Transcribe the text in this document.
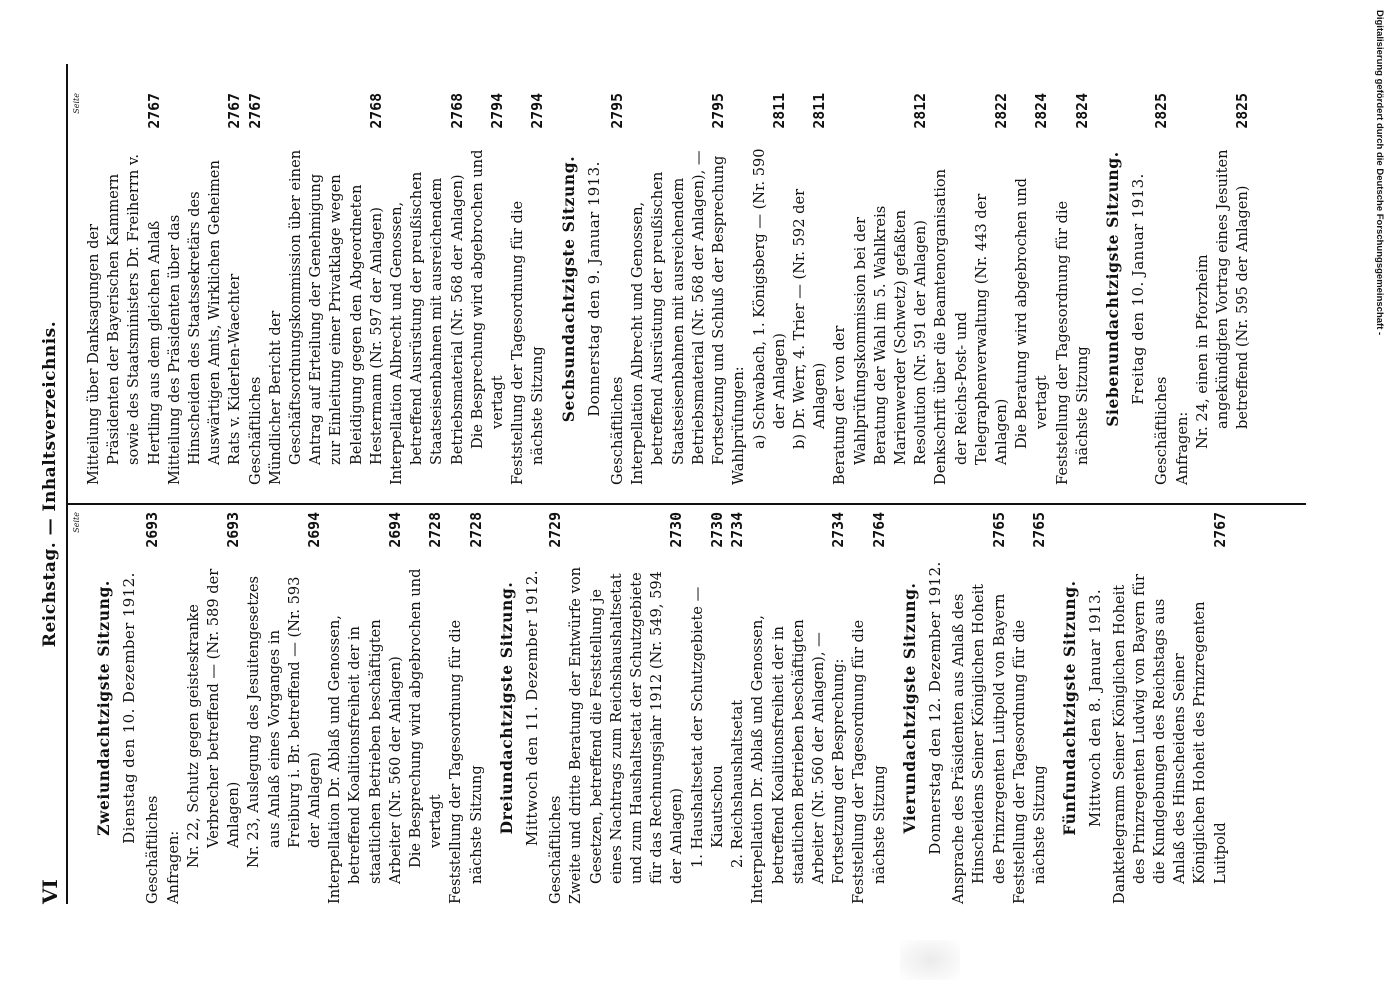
VI
Reichstag. — Inhaltsverzeichnis. Seite
Zweiundachtzigste Sitzung. Dienstag den 10. Dezember 1912.
Geschäftliches
2693
Anfragen: Nr. 22, Schutz gegen geisteskranke Verbrecher betreffend — (Nr. 589 der Anlagen)
2693
Nr. 23, Auslegung des Jesuitengesetzes aus Anlaß eines Vorganges in Freiburg i. Br. betreffend — (Nr. 593 der Anlagen)
2694
Interpellation Dr. Ablaß und Genossen, betreffend Koalitionsfreiheit der in staatlichen Betrieben beschäftigten Arbeiter (Nr. 560 der Anlagen)
2694
Die Besprechung wird abgebrochen und vertagt
2728
Feststellung der Tagesordnung für die nächste Sitzung
2728
Dreiundachtzigste Sitzung. Mittwoch den 11. Dezember 1912.
Geschäftliches
2729
Zweite und dritte Beratung der Entwürfe von Gesetzen, betreffend die Feststellung je eines Nachtrags zum Reichshaushaltsetat und zum Haushaltsetat der Schutzgebiete für das Rechnungsjahr 1912 (Nr. 549, 594 der Anlagen)
2730
1. Haushaltsetat der Schutzgebiete — Kiautschou
2730
2. Reichshaushaltsetat
2734
Interpellation Dr. Ablaß und Genossen, betreffend Koalitionsfreiheit der in staatlichen Betrieben beschäftigten Arbeiter (Nr. 560 der Anlagen), — Fortsetzung der Besprechung:
2734
Feststellung der Tagesordnung für die nächste Sitzung
2764
Vierundachtzigste Sitzung. Donnerstag den 12. Dezember 1912. Ansprache des Präsidenten aus Anlaß des Hinscheidens Seiner Königlichen Hoheit des Prinzregenten Luitpold von Bayern
2765
Feststellung der Tagesordnung für die nächste Sitzung
2765
Fünfundachtzigste Sitzung. Mittwoch den 8. Januar 1913. Danktelegramm Seiner Königlichen Hoheit des Prinzregenten Ludwig von Bayern für die Kundgebungen des Reichstags aus Anlaß des Hinscheidens Seiner Königlichen Hoheit des Prinzregenten Luitpold
2767
Seite
Mitteilung über Danksagungen der Präsidenten der Bayerischen Kammern sowie des Staatsministers Dr. Freiherrn v. Hertling aus dem gleichen Anlaß
2767
Mitteilung des Präsidenten über das Hinscheiden des Staatssekretärs des Auswärtigen Amts, Wirklichen Geheimen Rats v. Kiderlen-Waechter
2767
Geschäftliches
2767
Mündlicher Bericht der Geschäftsordnungskommission über einen Antrag auf Erteilung der Genehmigung zur Einleitung einer Privatklage wegen Beleidigung gegen den Abgeordneten Hestermann (Nr. 597 der Anlagen)
2768
Interpellation Albrecht und Genossen, betreffend Ausrüstung der preußischen Staatseisenbahnen mit ausreichendem Betriebsmaterial (Nr. 568 der Anlagen)
2768
Die Besprechung wird abgebrochen und vertagt
2794
Feststellung der Tagesordnung für die nächste Sitzung
2794
Sechsundachtzigste Sitzung. Donnerstag den 9. Januar 1913.
Geschäftliches
2795
Interpellation Albrecht und Genossen, betreffend Ausrüstung der preußischen Staatseisenbahnen mit ausreichendem Betriebsmaterial (Nr. 568 der Anlagen), — Fortsetzung und Schluß der Besprechung
2795
Wahlprüfungen: a) Schwabach, 1. Königsberg — (Nr. 590 der Anlagen)
2811
b) Dr. Werr, 4. Trier — (Nr. 592 der Anlagen)
2811
Beratung der von der Wahlprüfungskommission bei der Beratung der Wahl im 5. Wahlkreis Marienwerder (Schwetz) gefaßten Resolution (Nr. 591 der Anlagen)
2812
Denkschrift über die Beamtenorganisation der Reichs-Post- und Telegraphenverwaltung (Nr. 443 der Anlagen)
2822
Die Beratung wird abgebrochen und vertagt
2824
Feststellung der Tagesordnung für die nächste Sitzung
2824
Siebenundachtzigste Sitzung. Freitag den 10. Januar 1913.
Geschäftliches
2825
Anfragen: Nr. 24, einen in Pforzheim angekündigten Vortrag eines Jesuiten betreffend (Nr. 595 der Anlagen)
2825	Digitalisierung gefördert durch die Deutsche Forschungsgemeinschaft -
